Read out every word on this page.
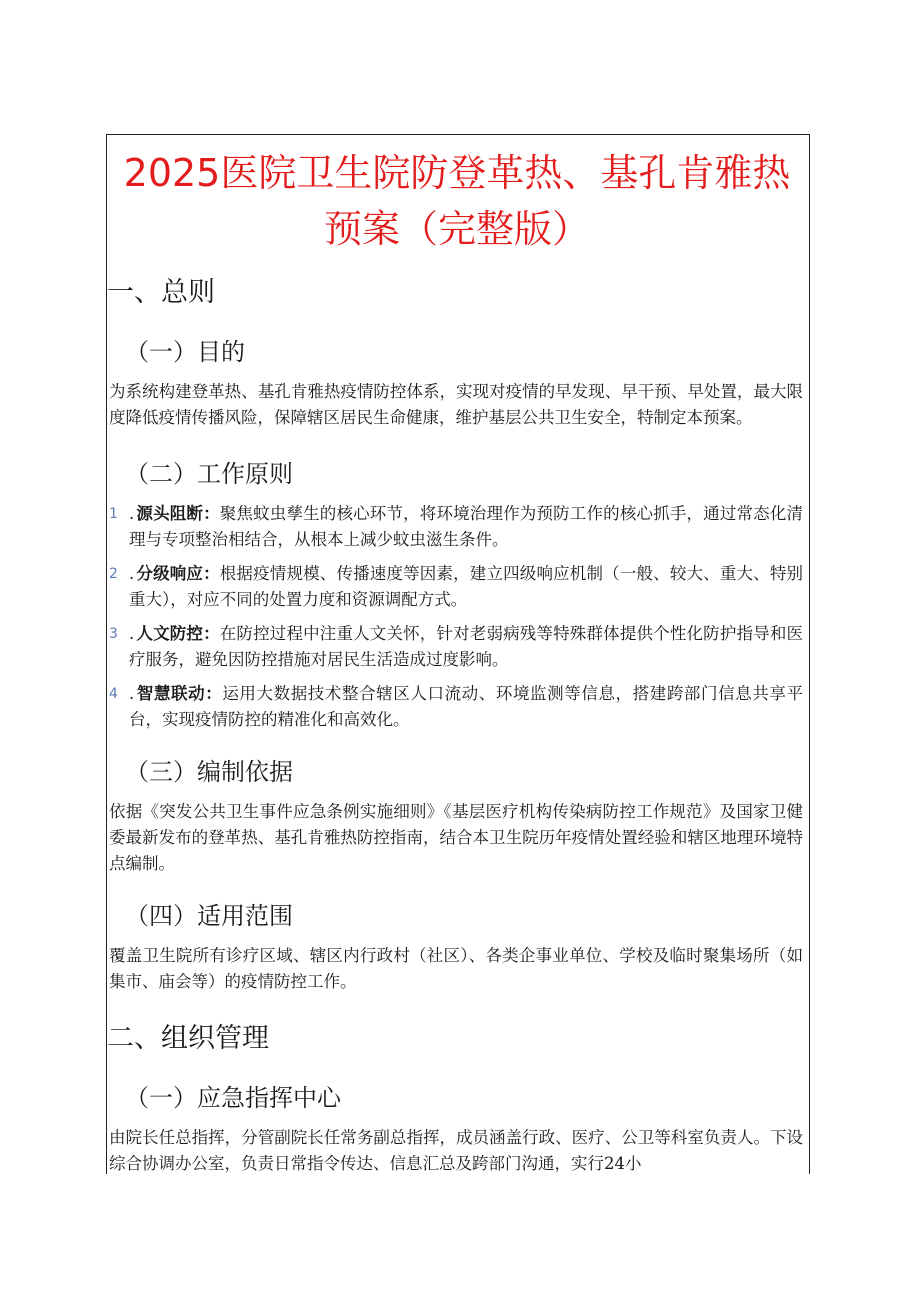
2025医院卫生院防登革热、基孔肯雅热
预案（完整版）
一、总则
（一）目的

为系统构建登革热、基孔肯雅热疫情防控体系，实现对疫情的早发现、早干预、早处置，最大限度降低疫情传播风险，保障辖区居民生命健康，维护基层公共卫生安全，特制定本预案。

（二）工作原则

1 . 源头阻断：聚焦蚊虫孳生的核心环节，将环境治理作为预防工作的核心抓手，通过常态化清理与专项整治相结合，从根本上减少蚊虫滋生条件。

2 . 分级响应：根据疫情规模、传播速度等因素，建立四级响应机制（一般、较大、重大、特别重大），对应不同的处置力度和资源调配方式。

3 . 人文防控：在防控过程中注重人文关怀，针对老弱病残等特殊群体提供个性化防护指导和医疗服务，避免因防控措施对居民生活造成过度影响。

4 . 智慧联动：运用大数据技术整合辖区人口流动、环境监测等信息，搭建跨部门信息共享平台，实现疫情防控的精准化和高效化。

（三）编制依据

依据《突发公共卫生事件应急条例实施细则》《基层医疗机构传染病防控工作规范》及国家卫健委最新发布的登革热、基孔肯雅热防控指南，结合本卫生院历年疫情处置经验和辖区地理环境特点编制。

（四）适用范围

覆盖卫生院所有诊疗区域、辖区内行政村（社区）、各类企事业单位、学校及临时聚集场所（如集市、庙会等）的疫情防控工作。

二、组织管理
（一）应急指挥中心

由院长任总指挥，分管副院长任常务副总指挥，成员涵盖行政、医疗、公卫等科室负责人。下设综合协调办公室，负责日常指令传达、信息汇总及跨部门沟通，实行24小
